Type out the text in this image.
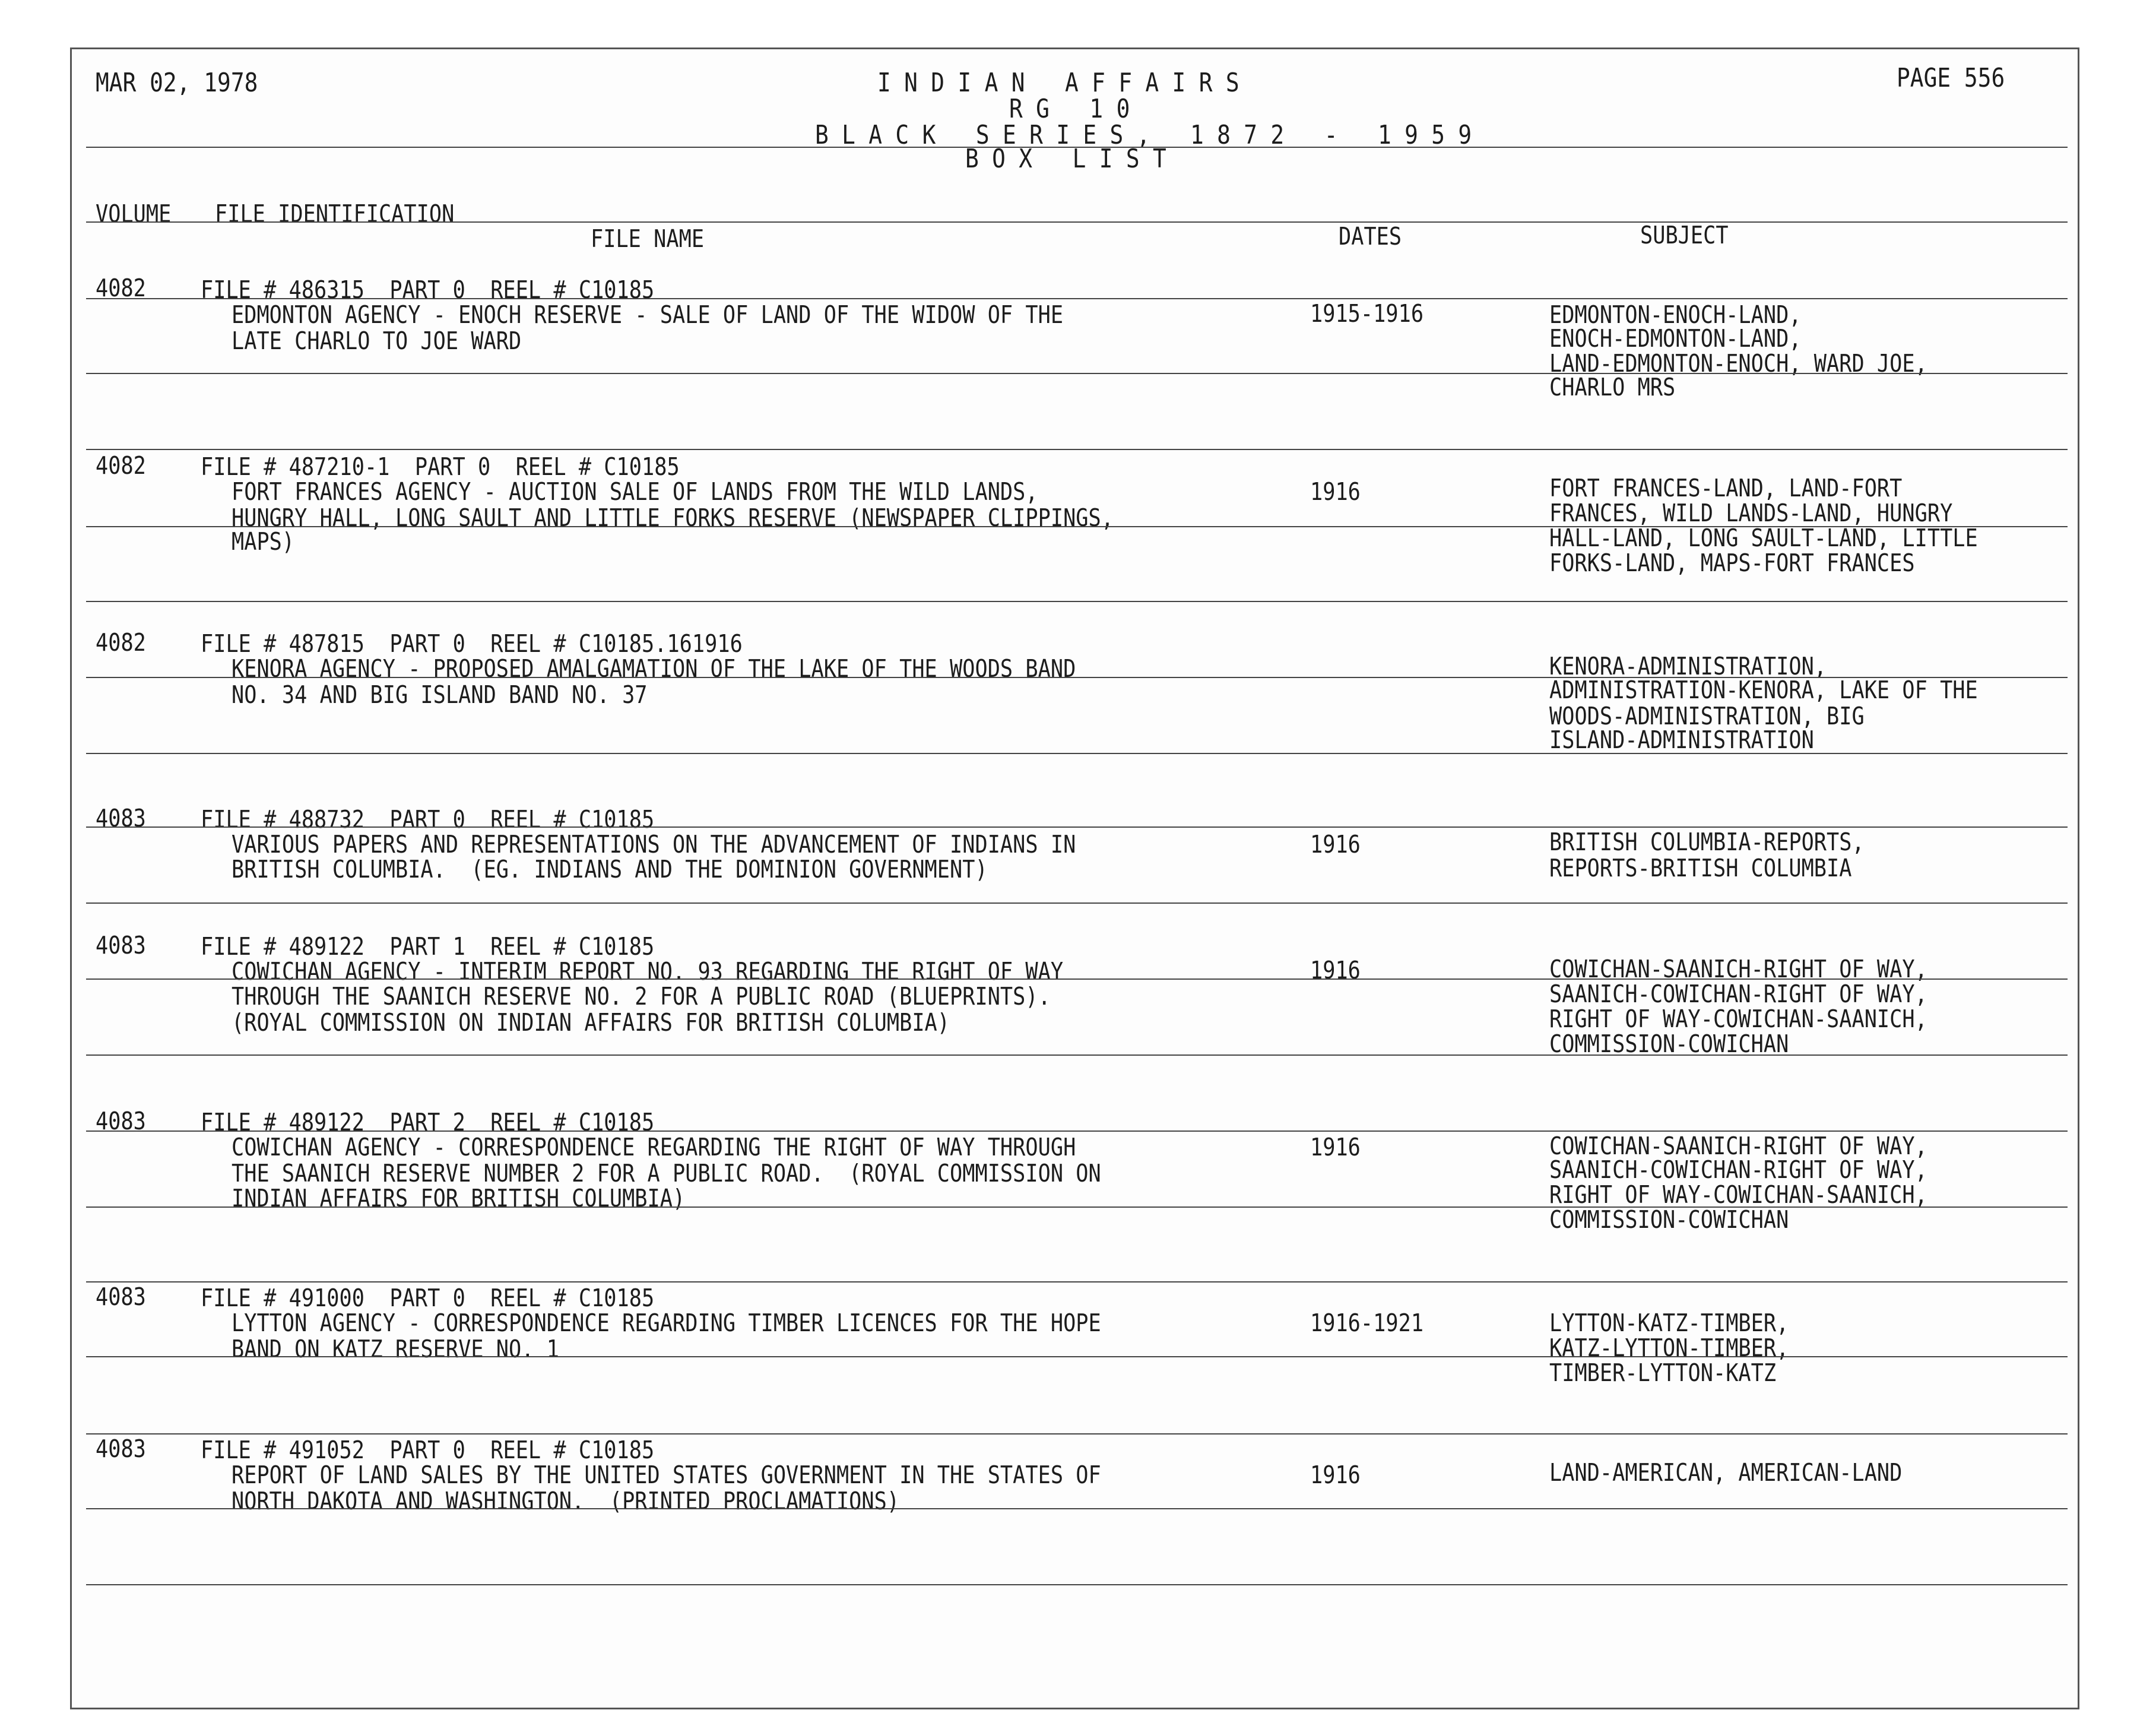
MAR 02, 1978	INDIAN AFFAIRS
RG 10
BLACK SERIES, 1872 - 1959
BOX LIST
PAGE 556
VOLUME FILE IDENTIFICATION
FILE NAME	DATES	SUBJECT
4082 FILE # 486315  PART 0  REEL # C10185
EDMONTON AGENCY - ENOCH RESERVE - SALE OF LAND OF THE WIDOW OF THE
LATE CHARLO TO JOE WARD
1915-1916	EDMONTON-ENOCH-LAND,
ENOCH-EDMONTON-LAND,
LAND-EDMONTON-ENOCH, WARD JOE,
CHARLO MRS
4082 FILE # 487210-1  PART 0  REEL # C10185
FORT FRANCES AGENCY - AUCTION SALE OF LANDS FROM THE WILD LANDS,
HUNGRY HALL, LONG SAULT AND LITTLE FORKS RESERVE (NEWSPAPER CLIPPINGS,
MAPS)
1916	FORT FRANCES-LAND, LAND-FORT
FRANCES, WILD LANDS-LAND, HUNGRY
HALL-LAND, LONG SAULT-LAND, LITTLE
FORKS-LAND, MAPS-FORT FRANCES
4082 FILE # 487815  PART 0  REEL # C10185.161916
KENORA AGENCY - PROPOSED AMALGAMATION OF THE LAKE OF THE WOODS BAND
NO. 34 AND BIG ISLAND BAND NO. 37
KENORA-ADMINISTRATION,
ADMINISTRATION-KENORA, LAKE OF THE
WOODS-ADMINISTRATION, BIG
ISLAND-ADMINISTRATION
4083 FILE # 488732  PART 0  REEL # C10185
VARIOUS PAPERS AND REPRESENTATIONS ON THE ADVANCEMENT OF INDIANS IN
BRITISH COLUMBIA.  (EG. INDIANS AND THE DOMINION GOVERNMENT)
1916	BRITISH COLUMBIA-REPORTS,
REPORTS-BRITISH COLUMBIA
4083 FILE # 489122  PART 1  REEL # C10185
COWICHAN AGENCY - INTERIM REPORT NO. 93 REGARDING THE RIGHT OF WAY
THROUGH THE SAANICH RESERVE NO. 2 FOR A PUBLIC ROAD (BLUEPRINTS).
(ROYAL COMMISSION ON INDIAN AFFAIRS FOR BRITISH COLUMBIA)
1916	COWICHAN-SAANICH-RIGHT OF WAY,
SAANICH-COWICHAN-RIGHT OF WAY,
RIGHT OF WAY-COWICHAN-SAANICH,
COMMISSION-COWICHAN
4083 FILE # 489122  PART 2  REEL # C10185
COWICHAN AGENCY - CORRESPONDENCE REGARDING THE RIGHT OF WAY THROUGH
THE SAANICH RESERVE NUMBER 2 FOR A PUBLIC ROAD.  (ROYAL COMMISSION ON
INDIAN AFFAIRS FOR BRITISH COLUMBIA)
1916	COWICHAN-SAANICH-RIGHT OF WAY,
SAANICH-COWICHAN-RIGHT OF WAY,
RIGHT OF WAY-COWICHAN-SAANICH,
COMMISSION-COWICHAN
4083 FILE # 491000  PART 0  REEL # C10185
LYTTON AGENCY - CORRESPONDENCE REGARDING TIMBER LICENCES FOR THE HOPE
BAND ON KATZ RESERVE NO. 1
1916-1921	LYTTON-KATZ-TIMBER,
KATZ-LYTTON-TIMBER,
TIMBER-LYTTON-KATZ
4083 FILE # 491052  PART 0  REEL # C10185
REPORT OF LAND SALES BY THE UNITED STATES GOVERNMENT IN THE STATES OF
NORTH DAKOTA AND WASHINGTON.  (PRINTED PROCLAMATIONS)
1916	LAND-AMERICAN, AMERICAN-LAND
